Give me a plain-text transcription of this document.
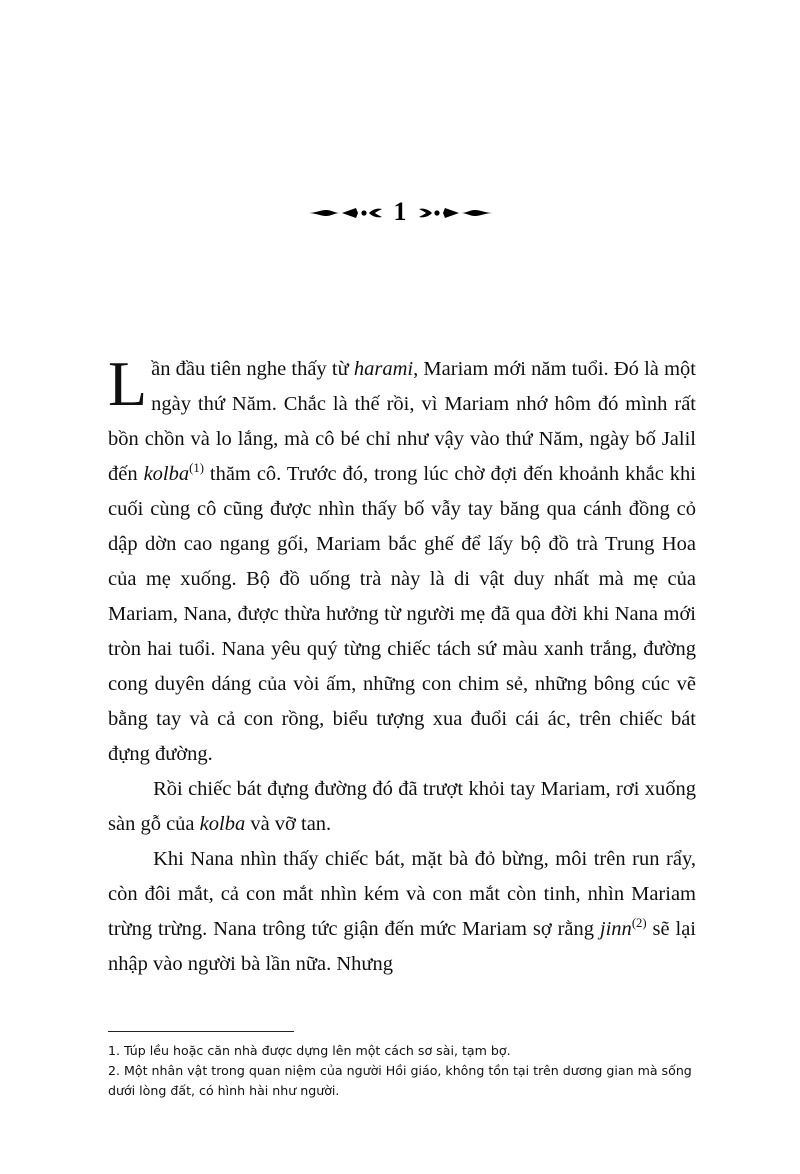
1

Lần đầu tiên nghe thấy từ harami, Mariam mới năm tuổi. Đó là một ngày thứ Năm. Chắc là thế rồi, vì Mariam nhớ hôm đó mình rất bồn chồn và lo lắng, mà cô bé chỉ như vậy vào thứ Năm, ngày bố Jalil đến kolba$^{(1)}$ thăm cô. Trước đó, trong lúc chờ đợi đến khoảnh khắc khi cuối cùng cô cũng được nhìn thấy bố vẫy tay băng qua cánh đồng cỏ dập dờn cao ngang gối, Mariam bắc ghế để lấy bộ đồ trà Trung Hoa của mẹ xuống. Bộ đồ uống trà này là di vật duy nhất mà mẹ của Mariam, Nana, được thừa hưởng từ người mẹ đã qua đời khi Nana mới tròn hai tuổi. Nana yêu quý từng chiếc tách sứ màu xanh trắng, đường cong duyên dáng của vòi ấm, những con chim sẻ, những bông cúc vẽ bằng tay và cả con rồng, biểu tượng xua đuổi cái ác, trên chiếc bát đựng đường.

Rồi chiếc bát đựng đường đó đã trượt khỏi tay Mariam, rơi xuống sàn gỗ của kolba và vỡ tan.

Khi Nana nhìn thấy chiếc bát, mặt bà đỏ bừng, môi trên run rẩy, còn đôi mắt, cả con mắt nhìn kém và con mắt còn tinh, nhìn Mariam trừng trừng. Nana trông tức giận đến mức Mariam sợ rằng jinn$^{(2)}$ sẽ lại nhập vào người bà lần nữa. Nhưng

1. Túp lều hoặc căn nhà được dựng lên một cách sơ sài, tạm bợ.

2. Một nhân vật trong quan niệm của người Hồi giáo, không tồn tại trên dương gian mà sống dưới lòng đất, có hình hài như người.
